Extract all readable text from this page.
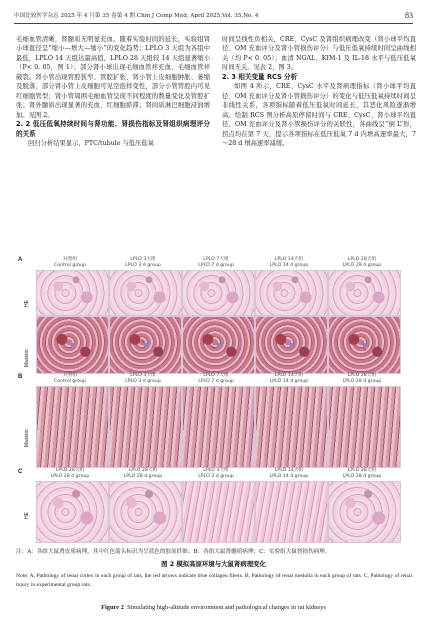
中国比较医学杂志 2025 年 4 月第 35 卷第 4 期 Chin J Comp Med, April 2025,Vol. 35,No. 4	83

毛细血管清晰，肾髓质无明显充血。随着实验时间的延长，实验组肾小球直径呈“缩小—增大—缩小”的变化趋势；LPLO 3 天组为各组中最低，LPLO 14 天组达最高值，LPLO 28 天组较 14 天组显著缩小（P< 0. 05，图 1）；部分肾小球出现毛细血管袢充血、毛细血管袢破裂。肾小管出现管腔狭窄、管腔扩张、肾小管上皮细胞肿胀、萎缩及脱落，部分肾小管上皮细胞可见空泡样变性，部分小管管腔内可见红细胞管型；肾小管周围毛细血管呈现不同程度的数量变化及管腔扩张；肾外髓质出现显著的充血，红细胞瘀滞；肾间质淋巴细胞浸润增加。见图 2。

2. 2 低压低氧持续时间与肾功能、肾损伤指标及肾组织病理评分的关系

回归分析结果显示，PTC/tubule 与低压低氧

时间呈线性负相关，CRE、CysC 及肾组织病理改变（肾小球平均直径、OM 充血评分及肾小管损伤评分）与低压低氧持续时间呈曲线相关（均 P< 0. 05）；血清 NGAL、KIM-1 及 IL-18 水平与低压低氧时间无关。见表 2，图 3。

2. 3 相关变量 RCS 分析

如图 4 所示，CRE、CysC 水平及肾病理指标（肾小球平均直径、OM 充血评分及肾小管损伤评分）的变化与低压低氧持续时间呈非线性关系，各项指标随着低压低氧时间延长，其恶化风险逐渐增高。绘制 RCS 图分析高原停留时间与 CRE、CysC、肾小球平均直径、OM 充血评分及肾小管损伤评分的关联性，各曲线呈“倒 L”形，拐点均在第 7 天，提示各项指标在低压低氧 7 d 内增高速率最大，7～28 d 增高速率减缓。

A	对照组
Control group
LPLO 3天组
LPLO 3 d group
LPLO 7天组
LPLO 7 d group
LPLO 14天组
LPLO 14 d group
LPLO 28天组
LPLO 28 d group
HE
Masson
➘
➘
➘
➘
B	对照组
Control group
LPLO 3天组
LPLO 3 d group
LPLO 7天组
LPLO 7 d group
LPLO 14天组
LPLO 14 d group
LPLO 28天组
LPLO 28 d group
Masson
C	LPLO 28天组
LPLO 28 d group
LPLO 28天组
LPLO 28 d group
LPLO 3天组
LPLO 3 d group
LPLO 14天组
LPLO 14 d group
LPLO 28天组
LPLO 28 d group
HE
注：A：各组大鼠肾皮质病理，其中红色箭头标识为呈蓝色的胶原纤维；B：各组大鼠肾髓质病理；C：实验组大鼠肾损伤病理。
图 2 模拟高原环境与大鼠肾病理变化
Note. A, Pathology of renal cortex in each group of rats, the red arrows indicate blue collagen fibers. B, Pathology of renal medulla in each group of rats. C, Pathology of renal injury in experimental group rats.
Figure 2 Simulating high-altitude environment and pathological changes in rat kidneys
